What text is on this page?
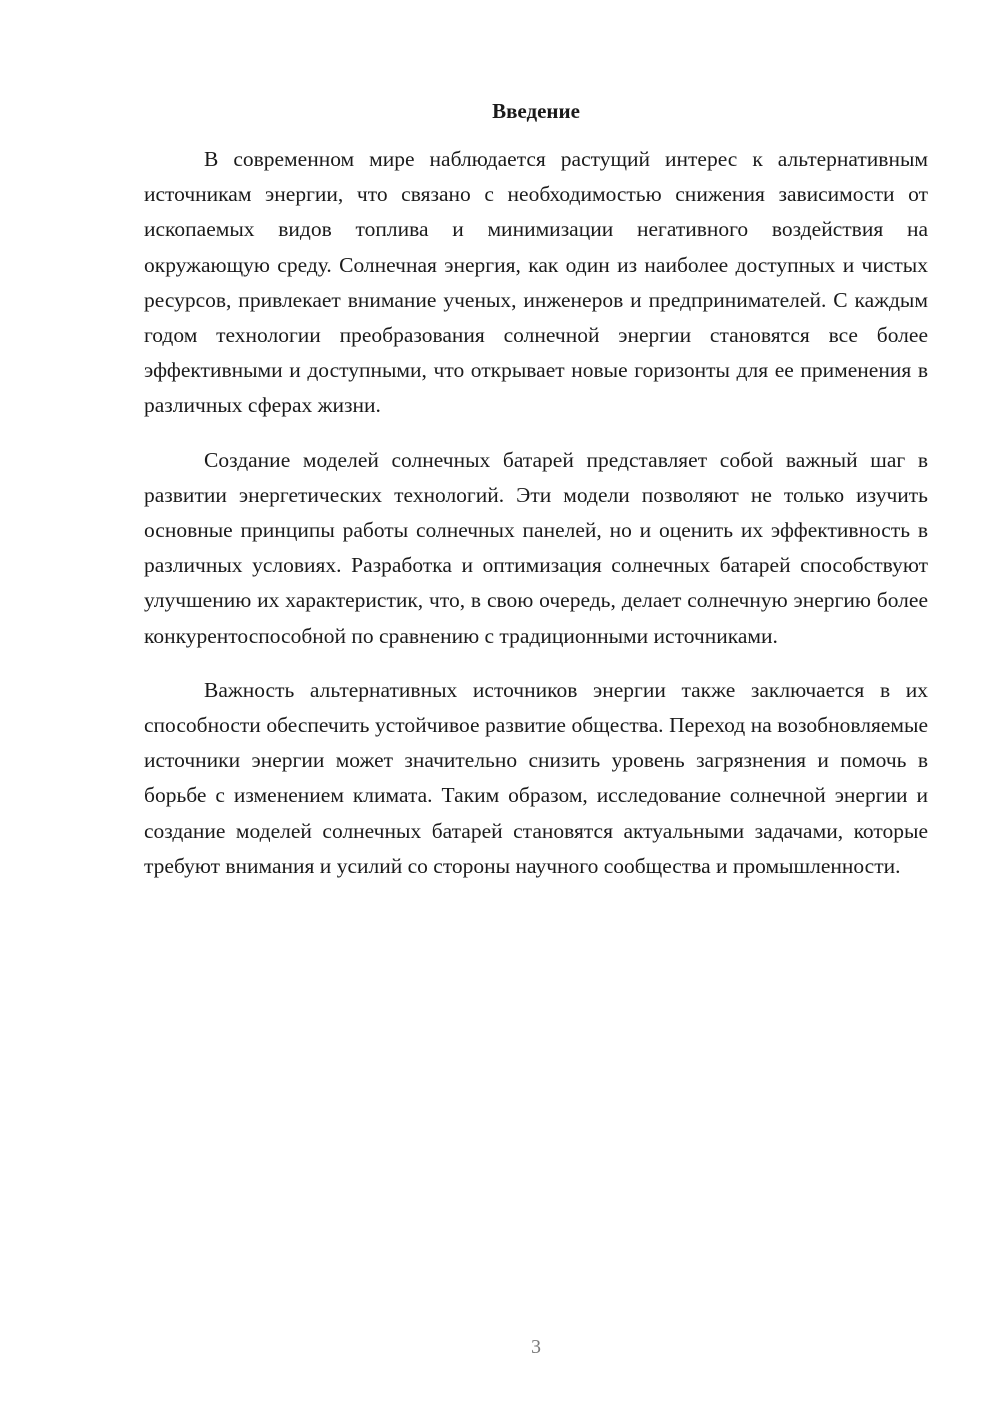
Введение

В современном мире наблюдается растущий интерес к альтернативным источникам энергии, что связано с необходимостью снижения зависимости от ископаемых видов топлива и минимизации негативного воздействия на окружающую среду. Солнечная энергия, как один из наиболее доступных и чистых ресурсов, привлекает внимание ученых, инженеров и предпринимателей. С каждым годом технологии преобразования солнечной энергии становятся все более эффективными и доступными, что открывает новые горизонты для ее применения в различных сферах жизни.

Создание моделей солнечных батарей представляет собой важный шаг в развитии энергетических технологий. Эти модели позволяют не только изучить основные принципы работы солнечных панелей, но и оценить их эффективность в различных условиях. Разработка и оптимизация солнечных батарей способствуют улучшению их характеристик, что, в свою очередь, делает солнечную энергию более конкурентоспособной по сравнению с традиционными источниками.

Важность альтернативных источников энергии также заключается в их способности обеспечить устойчивое развитие общества. Переход на возобновляемые источники энергии может значительно снизить уровень загрязнения и помочь в борьбе с изменением климата. Таким образом, исследование солнечной энергии и создание моделей солнечных батарей становятся актуальными задачами, которые требуют внимания и усилий со стороны научного сообщества и промышленности.

3
